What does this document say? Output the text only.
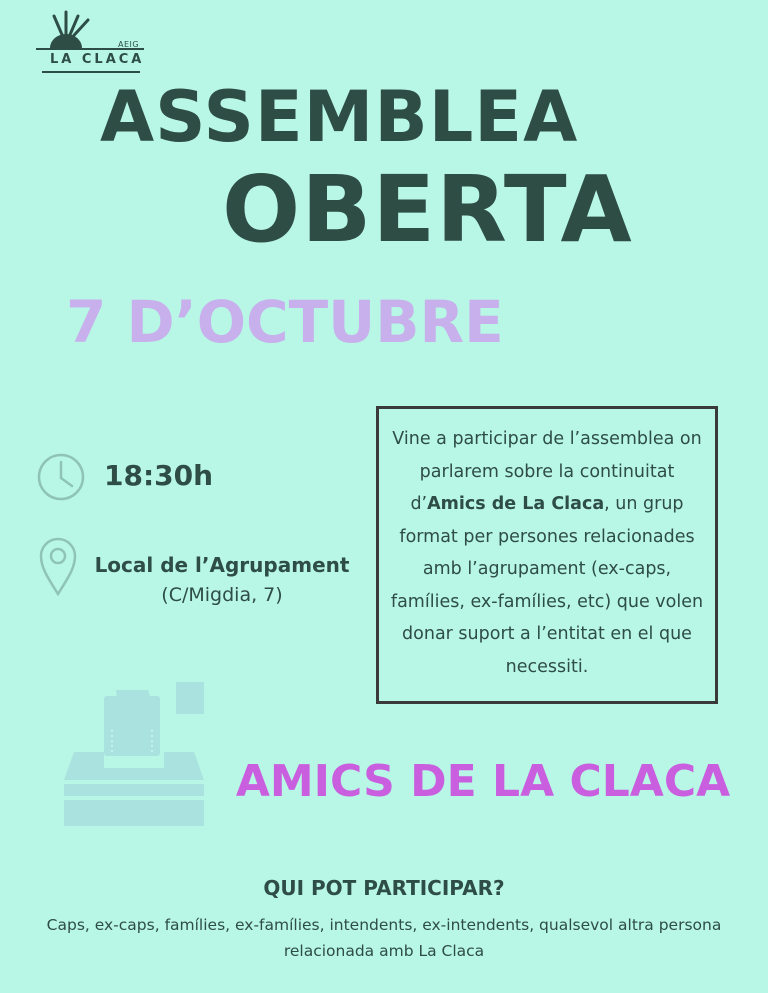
AEIG
LA CLACA
ASSEMBLEA
OBERTA
7 D’OCTUBRE
18:30h
Local de l’Agrupament
(C/Migdia, 7)
Vine a participar de l’assemblea on parlarem sobre la continuitat d’Amics de La Claca, un grup format per persones relacionades amb l’agrupament (ex-caps, famílies, ex-famílies, etc) que volen donar suport a l’entitat en el que necessiti.
AMICS DE LA CLACA
QUI POT PARTICIPAR?
Caps, ex-caps, famílies, ex-famílies, intendents, ex-intendents, qualsevol altra persona relacionada amb La Claca
